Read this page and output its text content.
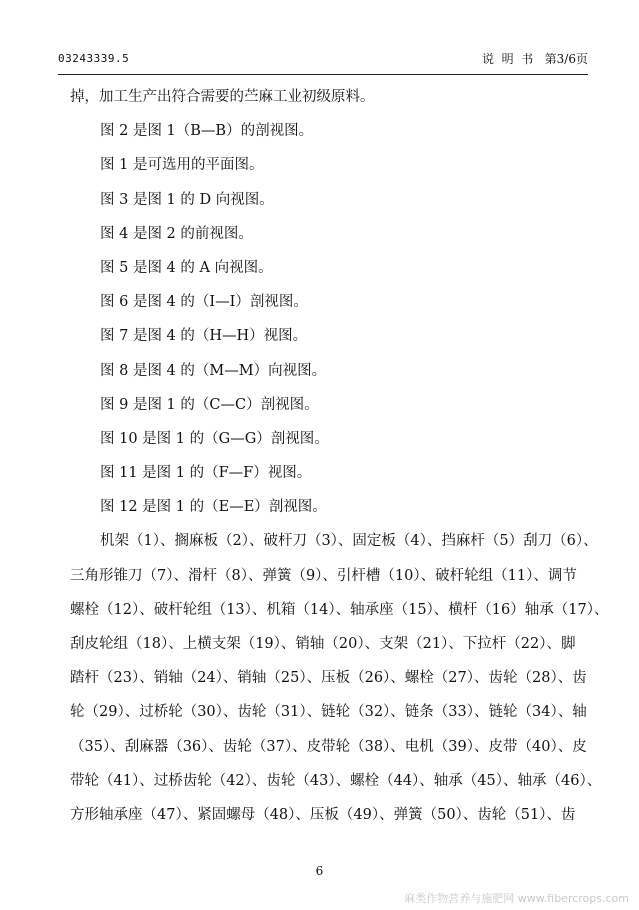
03243339.5	说  明  书 第3/6页
掉，加工生产出符合需要的苎麻工业初级原料。
图 2 是图 1（B—B）的剖视图。
图 1 是可选用的平面图。
图 3 是图 1 的 D 向视图。
图 4 是图 2 的前视图。
图 5 是图 4 的 A 向视图。
图 6 是图 4 的（I—I）剖视图。
图 7 是图 4 的（H—H）视图。
图 8 是图 4 的（M—M）向视图。
图 9 是图 1 的（C—C）剖视图。
图 10 是图 1 的（G—G）剖视图。
图 11 是图 1 的（F—F）视图。
图 12 是图 1 的（E—E）剖视图。
机架（1）、搁麻板（2）、破杆刀（3）、固定板（4）、挡麻杆（5）刮刀（6）、
三角形锥刀（7）、滑杆（8）、弹簧（9）、引杆槽（10）、破杆轮组（11）、调节
螺栓（12）、破杆轮组（13）、机箱（14）、轴承座（15）、横杆（16）轴承（17）、
刮皮轮组（18）、上横支架（19）、销轴（20）、支架（21）、下拉杆（22）、脚
踏杆（23）、销轴（24）、销轴（25）、压板（26）、螺栓（27）、齿轮（28）、齿
轮（29）、过桥轮（30）、齿轮（31）、链轮（32）、链条（33）、链轮（34）、轴
（35）、刮麻器（36）、齿轮（37）、皮带轮（38）、电机（39）、皮带（40）、皮
带轮（41）、过桥齿轮（42）、齿轮（43）、螺栓（44）、轴承（45）、轴承（46）、
方形轴承座（47）、紧固螺母（48）、压板（49）、弹簧（50）、齿轮（51）、齿
6
麻类作物营养与施肥网 www.fibercrops.com
